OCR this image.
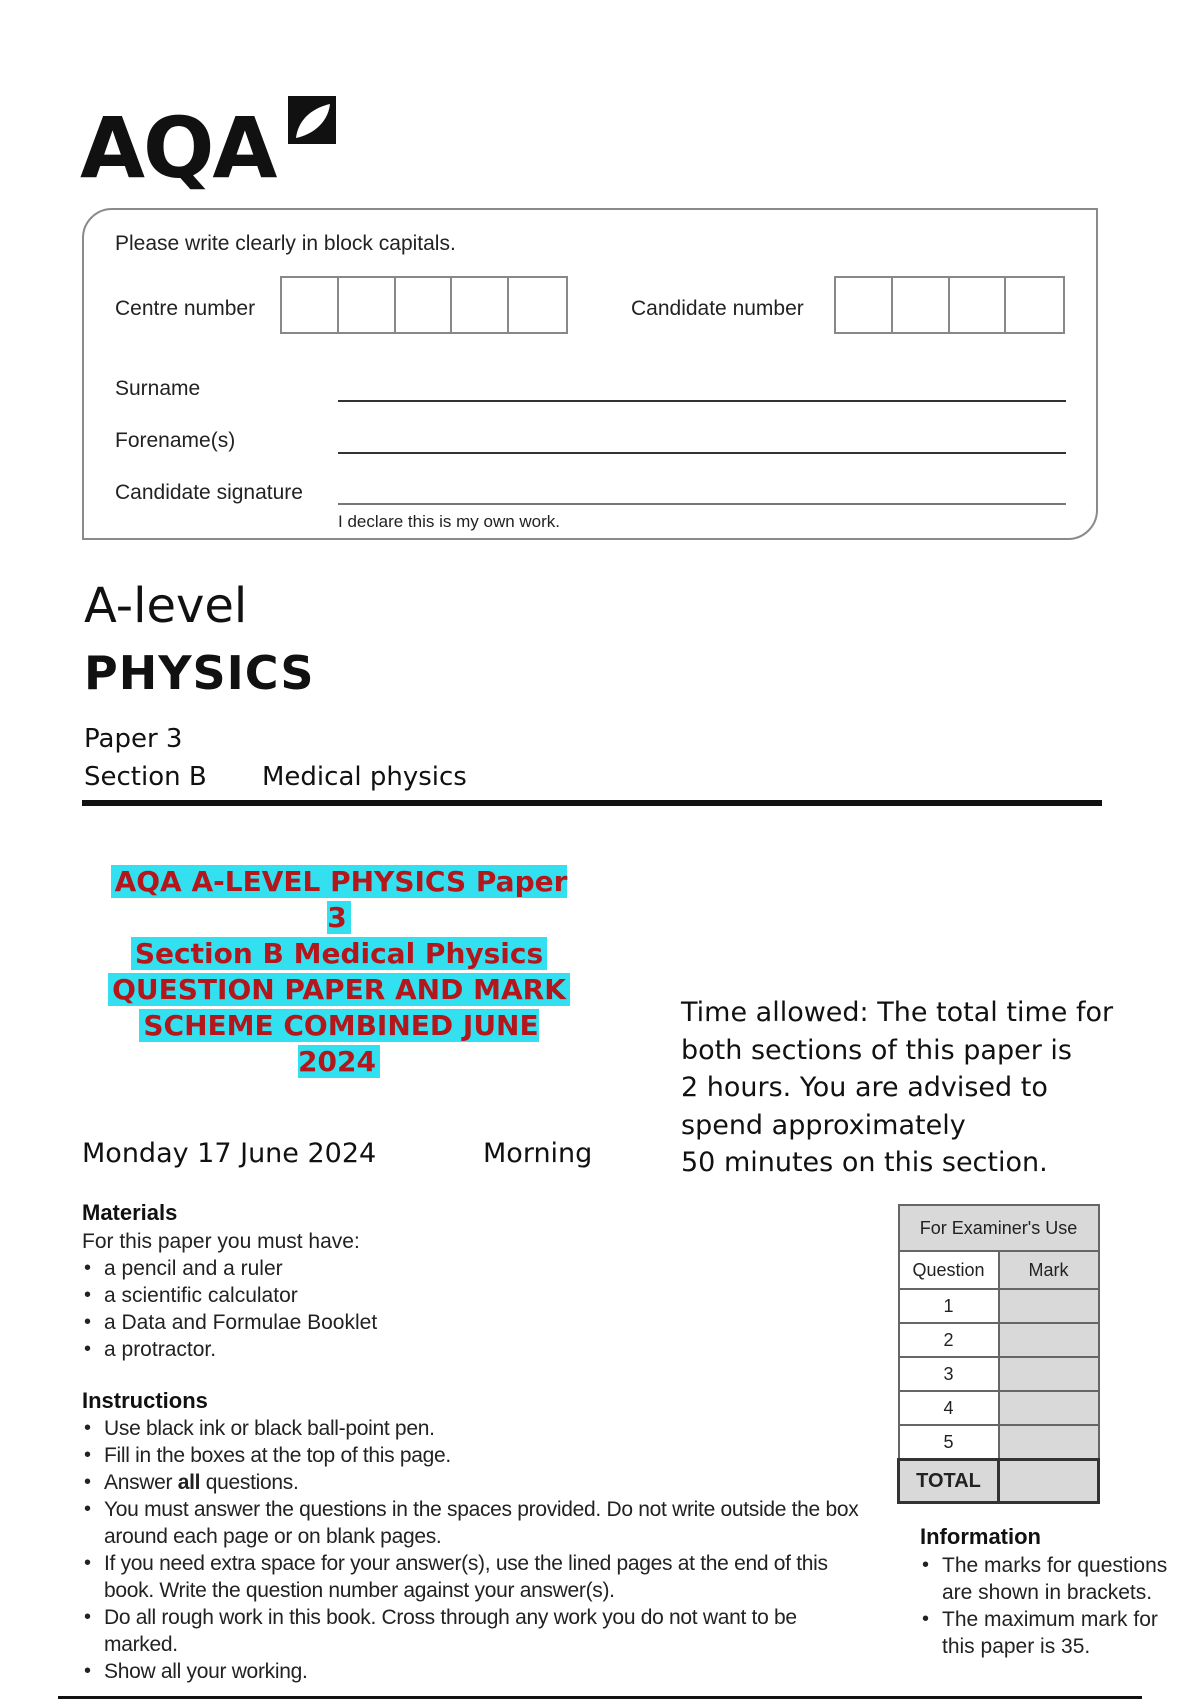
AQA
Please write clearly in block capitals.
Centre number	Candidate number
Surname
Forename(s)
Candidate signature
I declare this is my own work.
A-level
PHYSICS
Paper 3
Section B Medical physics
AQA A-LEVEL PHYSICS Paper 3
Section B Medical Physics
QUESTION PAPER AND MARK
SCHEME COMBINED JUNE 2024
Time allowed: The total time for
both sections of this paper is
2 hours. You are advised to
spend approximately
50 minutes on this section.
Monday 17 June 2024	Morning
Materials
For this paper you must have:
• a pencil and a ruler
• a scientific calculator
• a Data and Formulae Booklet
• a protractor.
Instructions
• Use black ink or black ball-point pen.
• Fill in the boxes at the top of this page.
• Answer all questions.
• You must answer the questions in the spaces provided. Do not write outside the box around each page or on blank pages.
• If you need extra space for your answer(s), use the lined pages at the end of this book. Write the question number against your answer(s).
• Do all rough work in this book. Cross through any work you do not want to be marked.
• Show all your working.
For Examiner's Use	
Question	Mark
1	
2	
3	
4	
5	
TOTAL	
Information
• The marks for questions are shown in brackets.
• The maximum mark for this paper is 35.
